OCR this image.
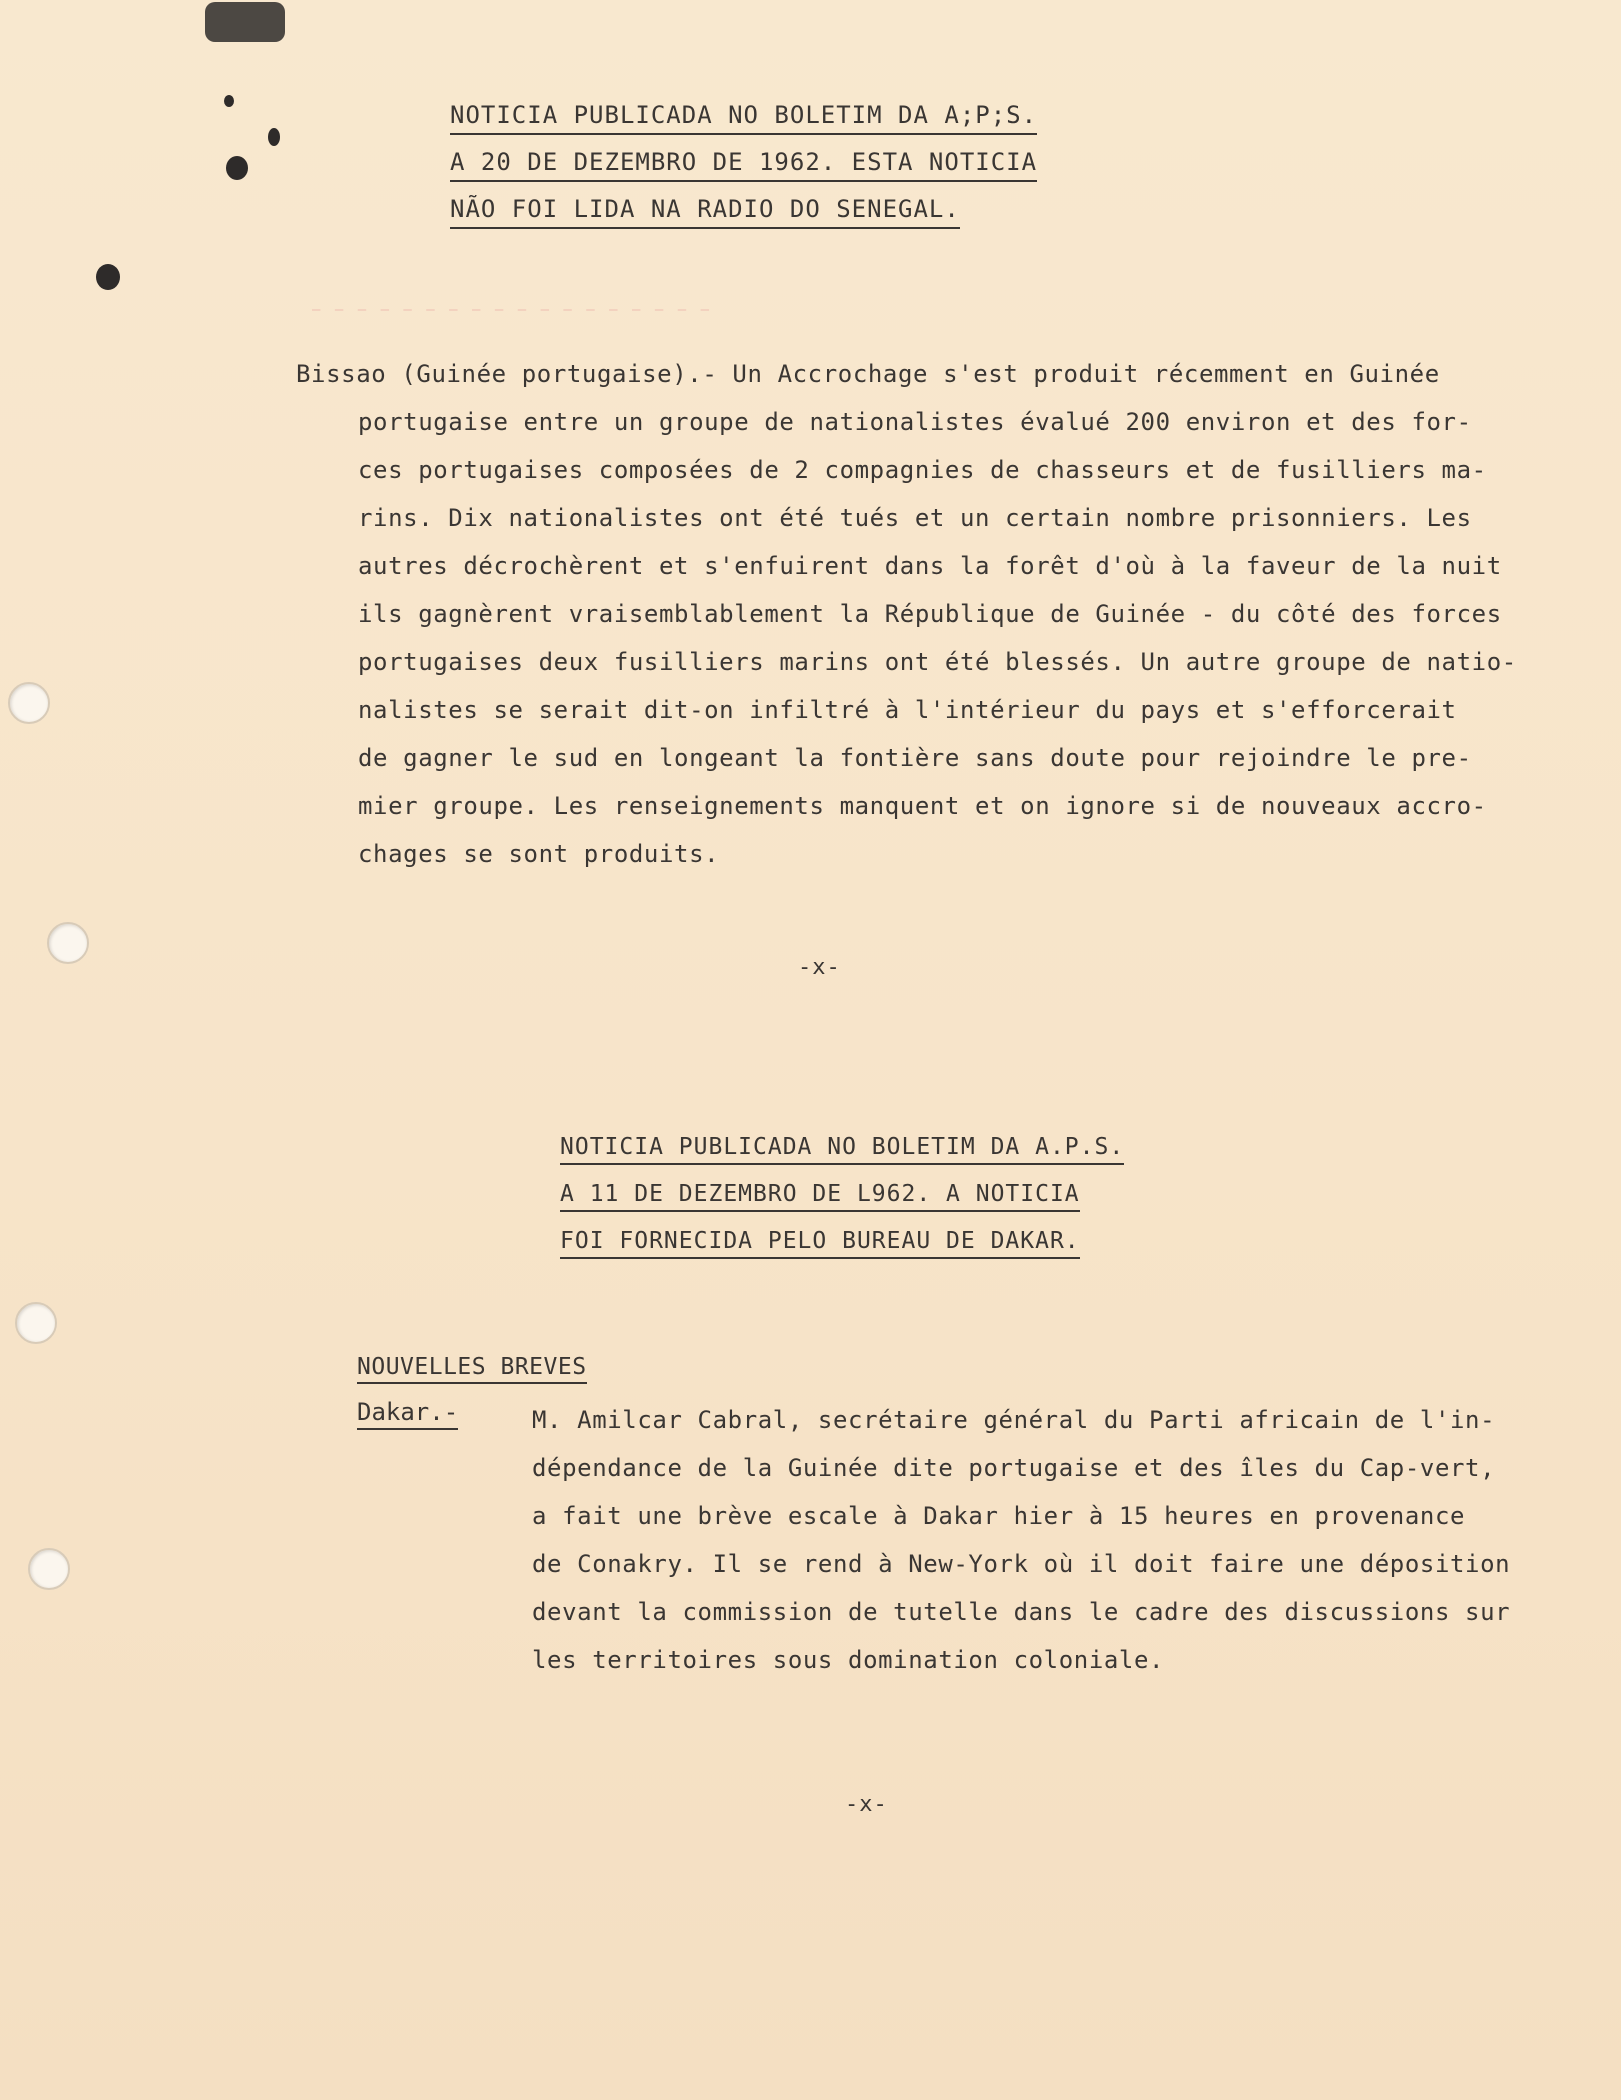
NOTICIA PUBLICADA NO BOLETIM DA A;P;S.
A 20 DE DEZEMBRO DE 1962. ESTA NOTICIA
NÃO FOI LIDA NA RADIO DO SENEGAL.
— — — — — — — — — — — — — — — — — —
Bissao (Guinée portugaise).- Un Accrochage s'est produit récemment en Guinée
portugaise entre un groupe de nationalistes évalué 200 environ et des for-
ces portugaises composées de 2 compagnies de chasseurs et de fusilliers ma-
rins. Dix nationalistes ont été tués et un certain nombre prisonniers. Les
autres décrochèrent et s'enfuirent dans la forêt d'où à la faveur de la nuit
ils gagnèrent vraisemblablement la République de Guinée - du côté des forces
portugaises deux fusilliers marins ont été blessés. Un autre groupe de natio-
nalistes se serait dit-on infiltré à l'intérieur du pays et s'efforcerait
de gagner le sud en longeant la fontière sans doute pour rejoindre le pre-
mier groupe. Les renseignements manquent et on ignore si de nouveaux accro-
chages se sont produits.
-x-
NOTICIA PUBLICADA NO BOLETIM DA A.P.S.
A 11 DE DEZEMBRO DE L962. A NOTICIA
FOI FORNECIDA PELO BUREAU DE DAKAR.
NOUVELLES BREVES
Dakar.-	M. Amilcar Cabral, secrétaire général du Parti africain de l'in-
dépendance de la Guinée dite portugaise et des îles du Cap-vert,
a fait une brève escale à Dakar hier à 15 heures en provenance
de Conakry. Il se rend à New-York où il doit faire une déposition
devant la commission de tutelle dans le cadre des discussions sur
les territoires sous domination coloniale.
-x-
